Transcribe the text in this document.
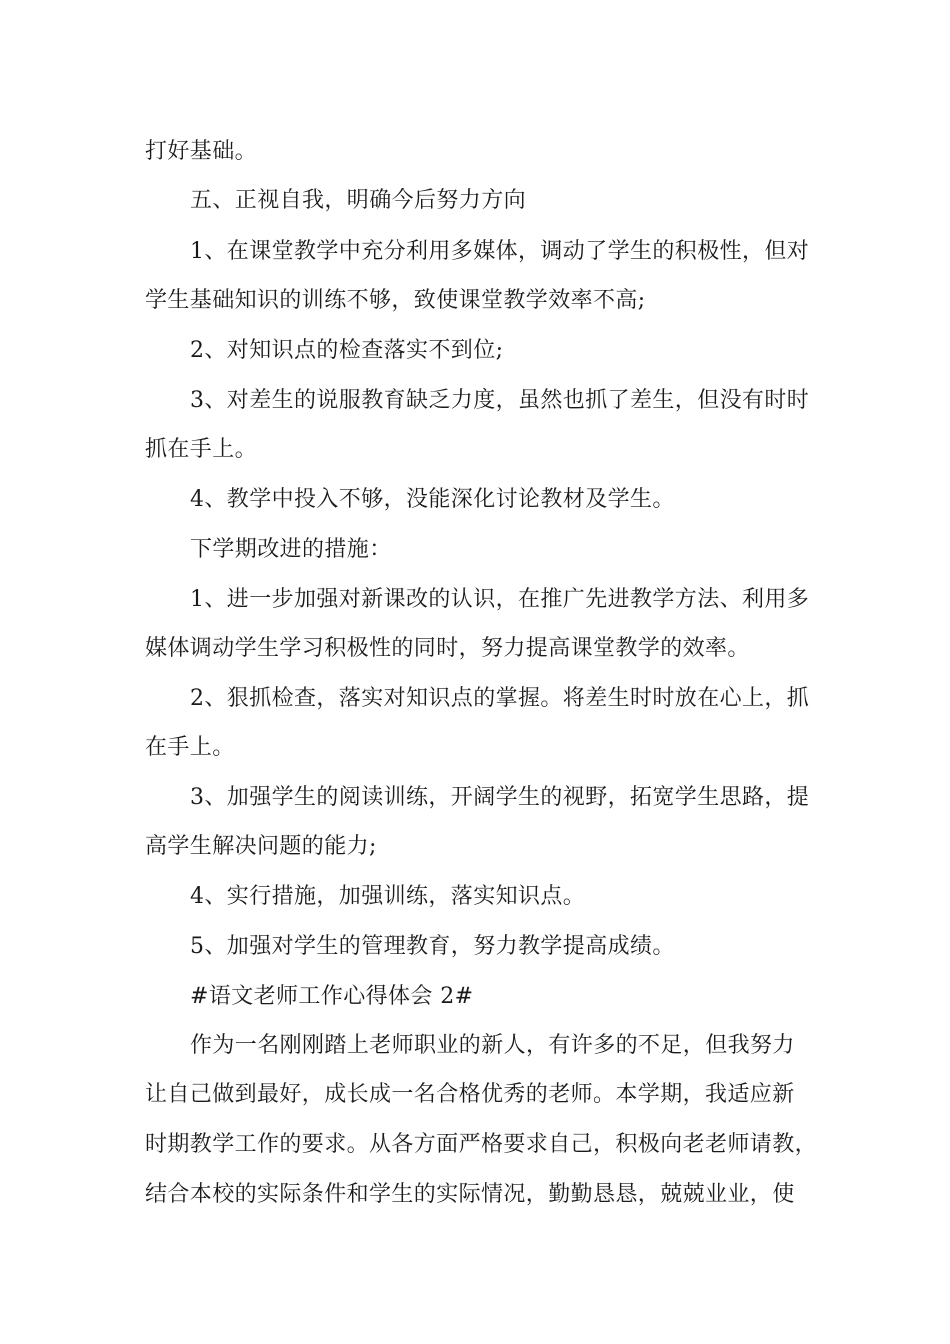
打好基础。
五、正视自我，明确今后努力方向
1、在课堂教学中充分利用多媒体，调动了学生的积极性，但对
学生基础知识的训练不够，致使课堂教学效率不高;
2、对知识点的检查落实不到位;
3、对差生的说服教育缺乏力度，虽然也抓了差生，但没有时时
抓在手上。
4、教学中投入不够，没能深化讨论教材及学生。
下学期改进的措施：
1、进一步加强对新课改的认识，在推广先进教学方法、利用多
媒体调动学生学习积极性的同时，努力提高课堂教学的效率。
2、狠抓检查，落实对知识点的掌握。将差生时时放在心上，抓
在手上。
3、加强学生的阅读训练，开阔学生的视野，拓宽学生思路，提
高学生解决问题的能力;
4、实行措施，加强训练，落实知识点。
5、加强对学生的管理教育，努力教学提高成绩。
#语文老师工作心得体会 2#
作为一名刚刚踏上老师职业的新人，有许多的不足，但我努力
让自己做到最好，成长成一名合格优秀的老师。本学期，我适应新
时期教学工作的要求。从各方面严格要求自己，积极向老老师请教，
结合本校的实际条件和学生的实际情况，勤勤恳恳，兢兢业业，使
